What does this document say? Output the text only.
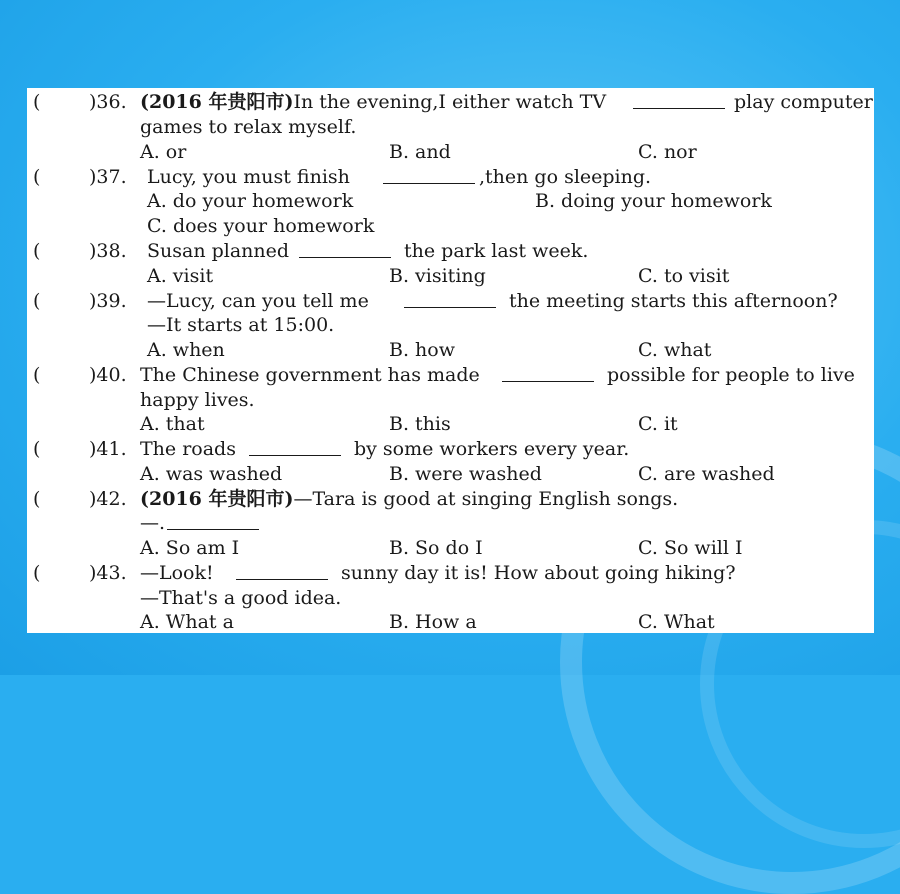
(	)36. (2016 年贵阳市)In the evening,I either watch TV	play computer
games to relax myself.
A. or	B. and	C. nor
(	)37. Lucy, you must finish	,then go sleeping.
A. do your homework	B. doing your homework
C. does your homework
(	)38. Susan planned	the park last week.
A. visit	B. visiting	C. to visit
(	)39. —Lucy, can you tell me	the meeting starts this afternoon?
—It starts at 15:00.
A. when	B. how	C. what
(	)40. The Chinese government has made	possible for people to live
happy lives.
A. that	B. this	C. it
(	)41. The roads	by some workers every year.
A. was washed	B. were washed	C. are washed
(	)42. (2016 年贵阳市)—Tara is good at singing English songs.
—
.
A. So am I	B. So do I	C. So will I
(	)43. —Look!	sunny day it is! How about going hiking?
—That's a good idea.
A. What a	B. How a	C. What
